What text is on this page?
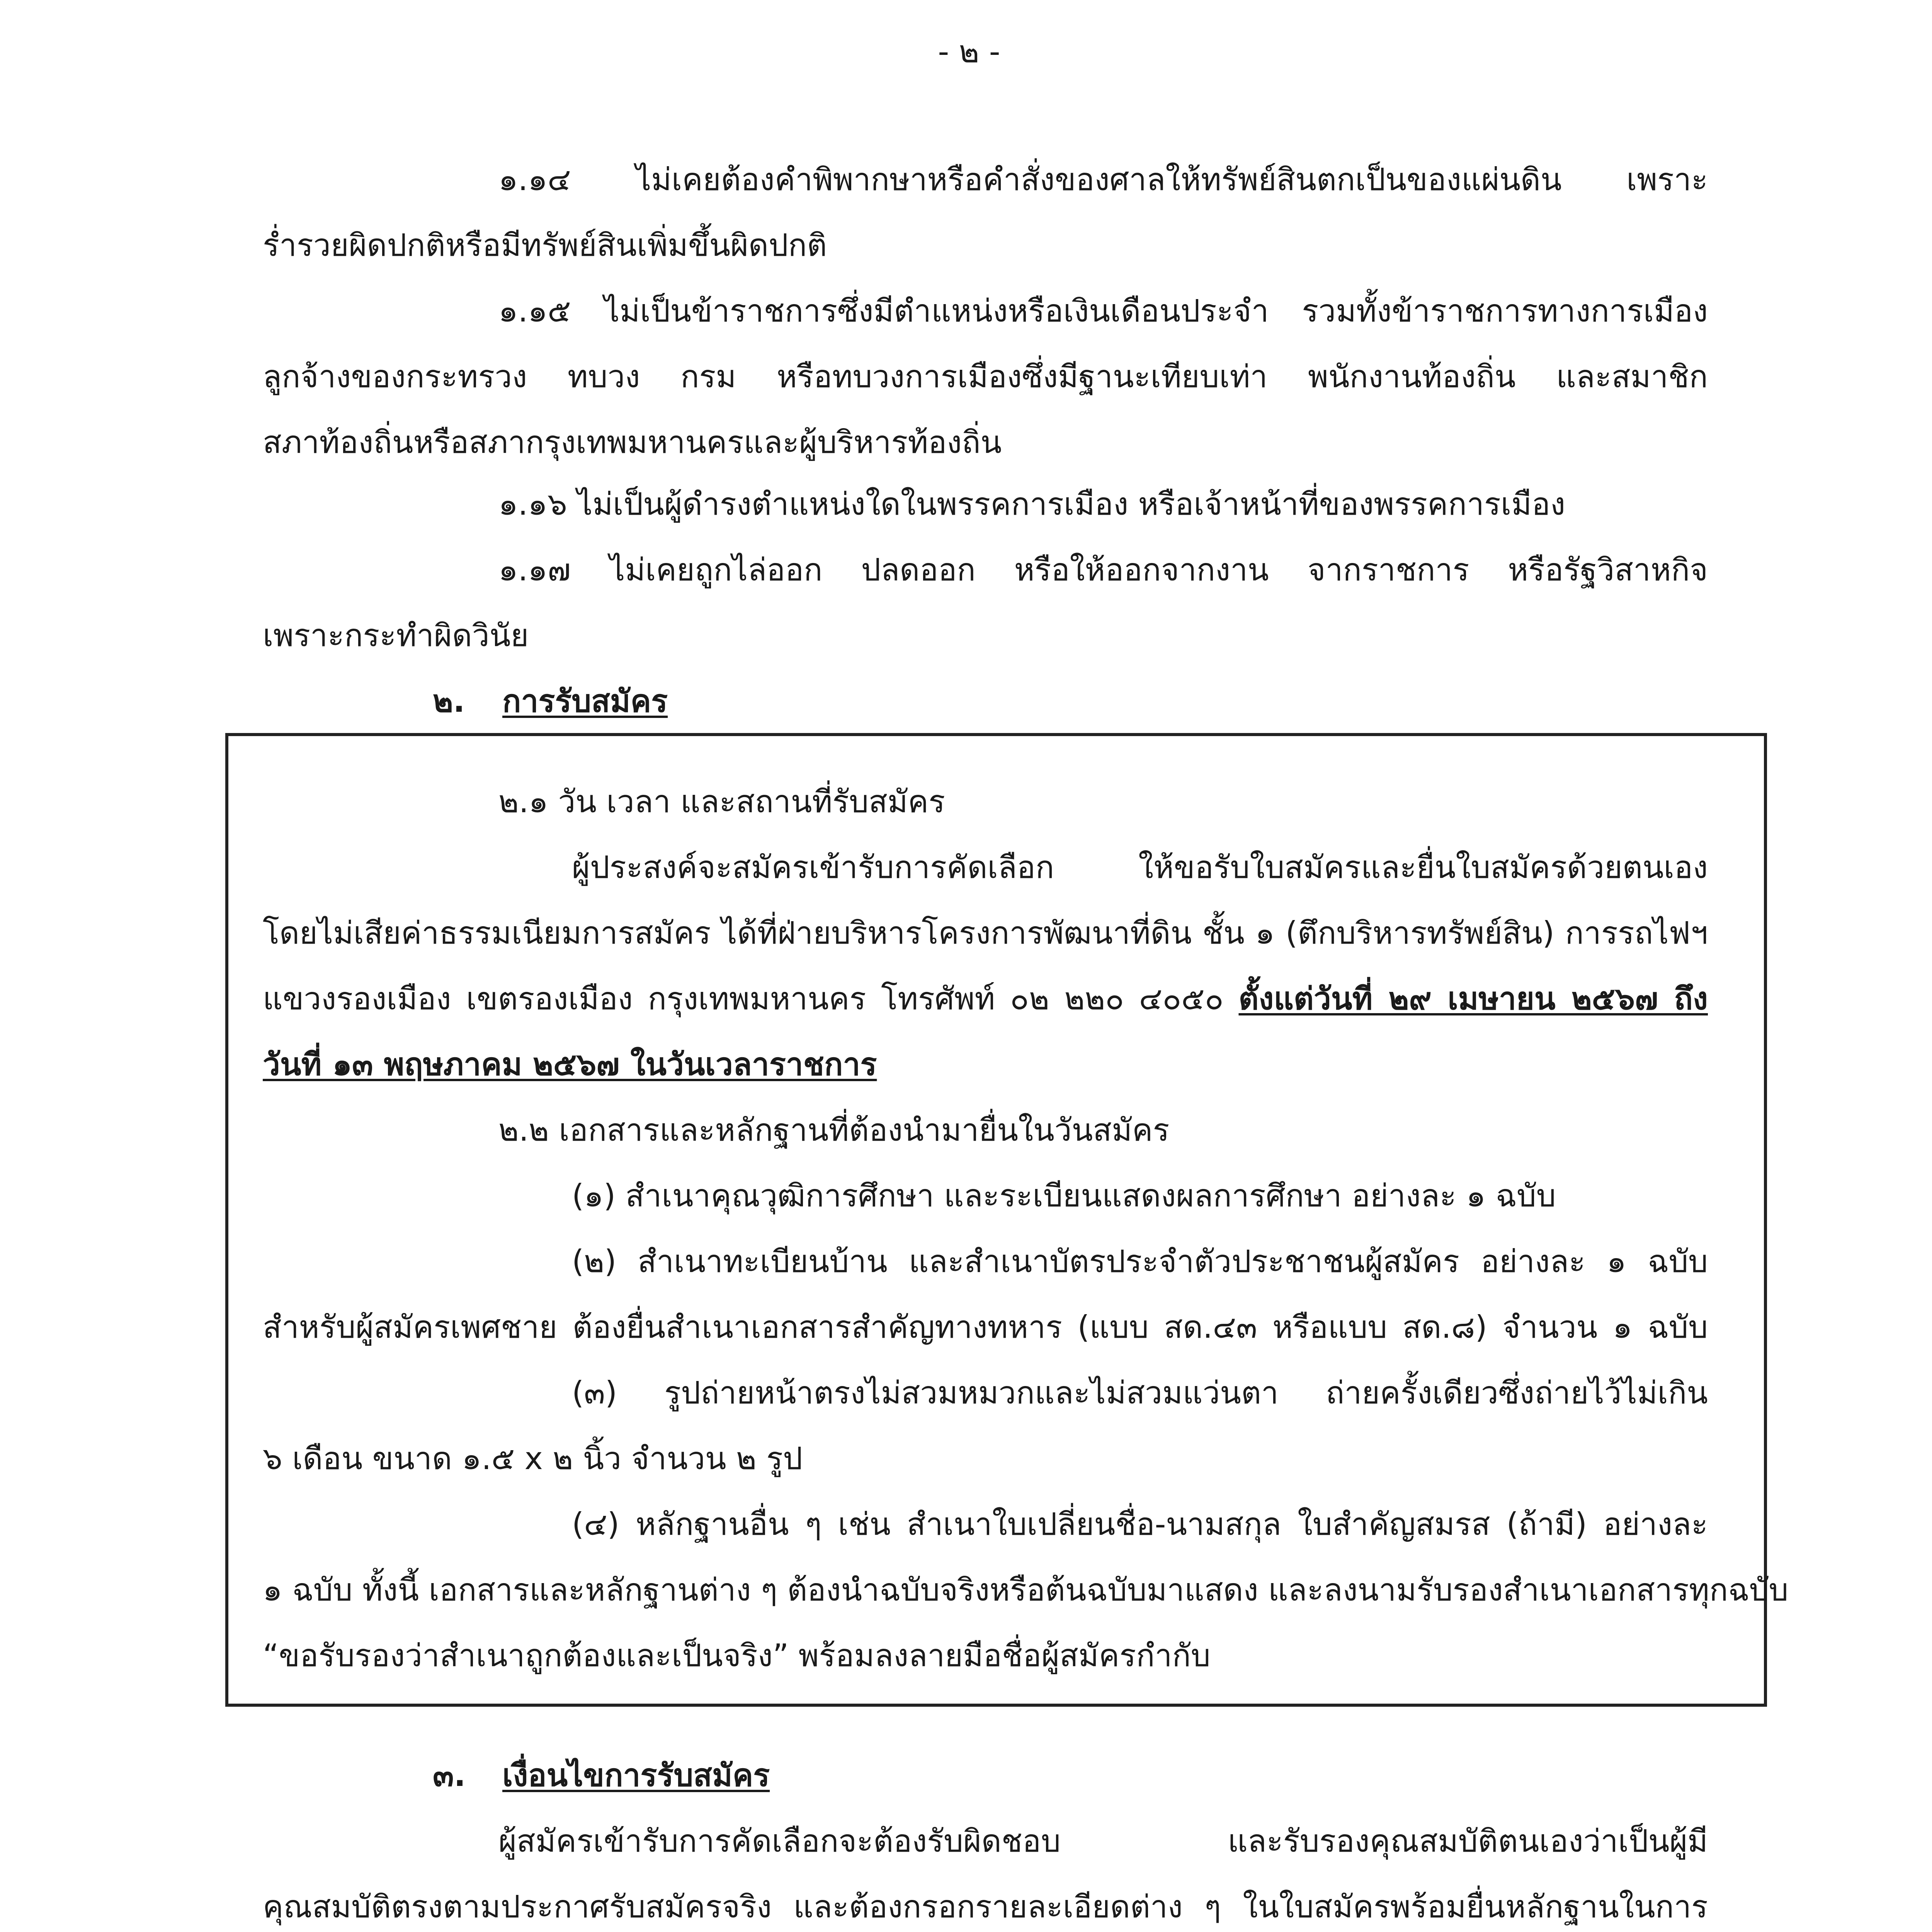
- ๒ -
๑.๑๔ ไม่เคยต้องคำพิพากษาหรือคำสั่งของศาลให้ทรัพย์สินตกเป็นของแผ่นดิน เพราะ
ร่ำรวยผิดปกติหรือมีทรัพย์สินเพิ่มขึ้นผิดปกติ
๑.๑๕ ไม่เป็นข้าราชการซึ่งมีตำแหน่งหรือเงินเดือนประจำ รวมทั้งข้าราชการทางการเมือง
ลูกจ้างของกระทรวง ทบวง กรม หรือทบวงการเมืองซึ่งมีฐานะเทียบเท่า พนักงานท้องถิ่น และสมาชิก
สภาท้องถิ่นหรือสภากรุงเทพมหานครและผู้บริหารท้องถิ่น
๑.๑๖ ไม่เป็นผู้ดำรงตำแหน่งใดในพรรคการเมือง หรือเจ้าหน้าที่ของพรรคการเมือง
๑.๑๗ ไม่เคยถูกไล่ออก ปลดออก หรือให้ออกจากงาน จากราชการ หรือรัฐวิสาหกิจ
เพราะกระทำผิดวินัย
๒. การรับสมัคร
๒.๑ วัน เวลา และสถานที่รับสมัคร
ผู้ประสงค์จะสมัครเข้ารับการคัดเลือก ให้ขอรับใบสมัครและยื่นใบสมัครด้วยตนเอง
โดยไม่เสียค่าธรรมเนียมการสมัคร ได้ที่ฝ่ายบริหารโครงการพัฒนาที่ดิน ชั้น ๑ (ตึกบริหารทรัพย์สิน) การรถไฟฯ
แขวงรองเมือง เขตรองเมือง กรุงเทพมหานคร โทรศัพท์ ๐๒ ๒๒๐ ๔๐๕๐ ตั้งแต่วันที่ ๒๙ เมษายน ๒๕๖๗ ถึง
วันที่ ๑๓ พฤษภาคม ๒๕๖๗ ในวันเวลาราชการ
๒.๒ เอกสารและหลักฐานที่ต้องนำมายื่นในวันสมัคร
(๑) สำเนาคุณวุฒิการศึกษา และระเบียนแสดงผลการศึกษา อย่างละ ๑ ฉบับ
(๒) สำเนาทะเบียนบ้าน และสำเนาบัตรประจำตัวประชาชนผู้สมัคร อย่างละ ๑ ฉบับ
สำหรับผู้สมัครเพศชาย ต้องยื่นสำเนาเอกสารสำคัญทางทหาร (แบบ สด.๔๓ หรือแบบ สด.๘) จำนวน ๑ ฉบับ
(๓) รูปถ่ายหน้าตรงไม่สวมหมวกและไม่สวมแว่นตา ถ่ายครั้งเดียวซึ่งถ่ายไว้ไม่เกิน
๖ เดือน ขนาด ๑.๕ x ๒ นิ้ว จำนวน ๒ รูป
(๔) หลักฐานอื่น ๆ เช่น สำเนาใบเปลี่ยนชื่อ-นามสกุล ใบสำคัญสมรส (ถ้ามี) อย่างละ
๑ ฉบับ ทั้งนี้ เอกสารและหลักฐานต่าง ๆ ต้องนำฉบับจริงหรือต้นฉบับมาแสดง และลงนามรับรองสำเนาเอกสารทุกฉบับ
“ขอรับรองว่าสำเนาถูกต้องและเป็นจริง” พร้อมลงลายมือชื่อผู้สมัครกำกับ
๓. เงื่อนไขการรับสมัคร
ผู้สมัครเข้ารับการคัดเลือกจะต้องรับผิดชอบ และรับรองคุณสมบัติตนเองว่าเป็นผู้มี
คุณสมบัติตรงตามประกาศรับสมัครจริง และต้องกรอกรายละเอียดต่าง ๆ ในใบสมัครพร้อมยื่นหลักฐานในการ
